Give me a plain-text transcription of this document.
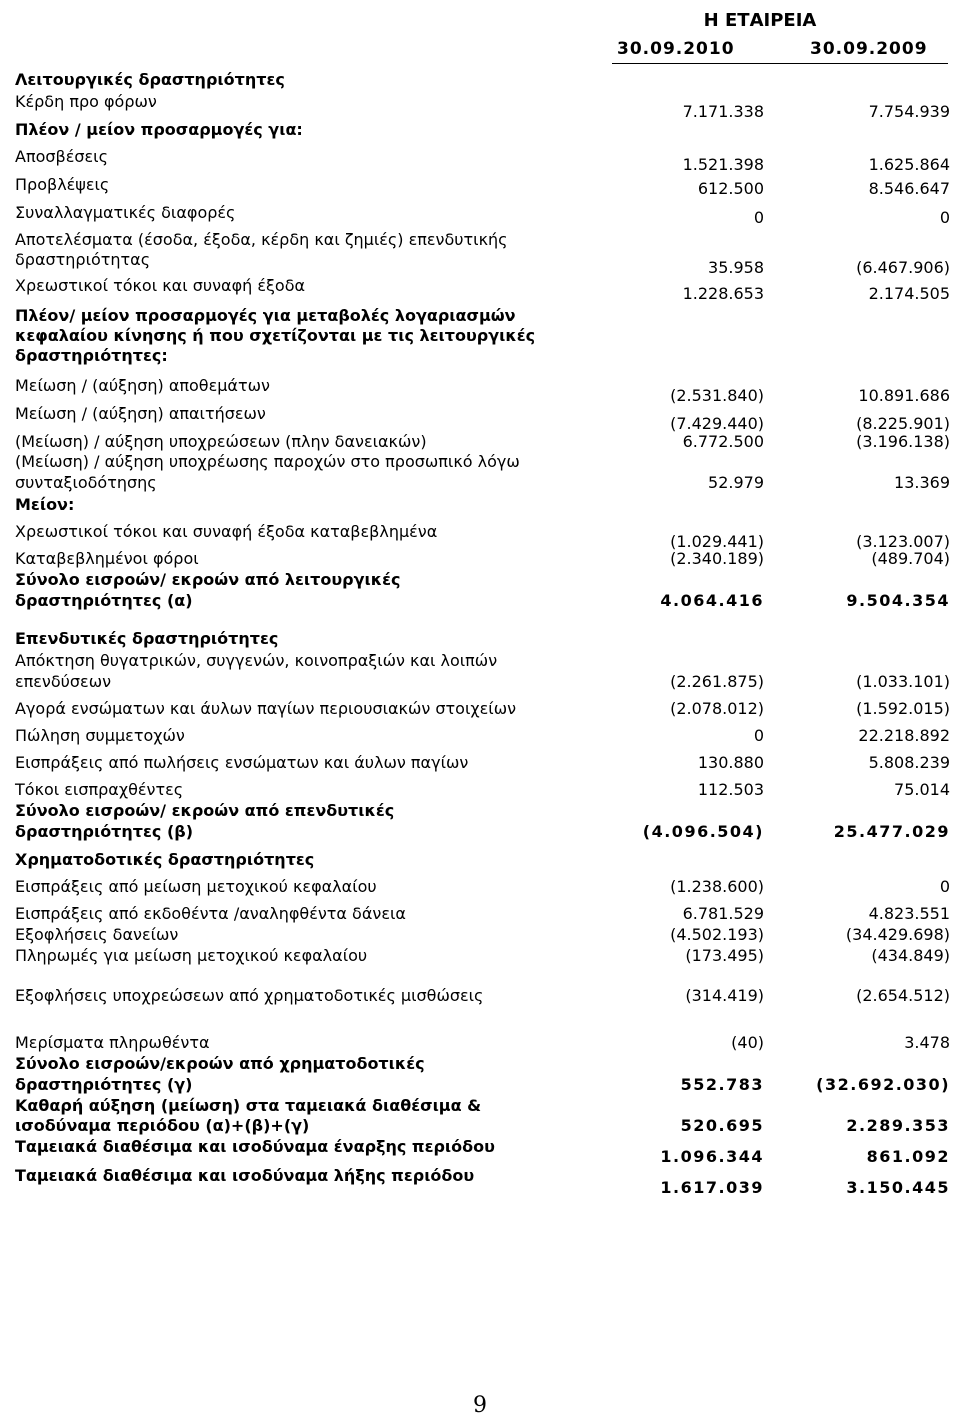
Η ΕΤΑΙΡΕΙΑ
30.09.2010	30.09.2009
Λειτουργικές δραστηριότητες
Κέρδη προ φόρων
7.171.338	7.754.939
Πλέον / μείον προσαρμογές για:
Αποσβέσεις	1.521.398	1.625.864
Προβλέψεις	612.500	8.546.647
Συναλλαγματικές διαφορές	0	0
Αποτελέσματα (έσοδα, έξοδα, κέρδη και ζημιές) επενδυτικής
δραστηριότητας	35.958	(6.467.906)
Χρεωστικοί τόκοι και συναφή έξοδα	1.228.653	2.174.505
Πλέον/ μείον προσαρμογές για μεταβολές λογαριασμών
κεφαλαίου κίνησης ή που σχετίζονται με τις λειτουργικές
δραστηριότητες:
Μείωση / (αύξηση) αποθεμάτων
(2.531.840)	10.891.686
Μείωση / (αύξηση) απαιτήσεων
(7.429.440)	(8.225.901)
(Μείωση) / αύξηση υποχρεώσεων (πλην δανειακών)	6.772.500	(3.196.138)
(Μείωση) / αύξηση υποχρέωσης παροχών στο προσωπικό λόγω
συνταξιοδότησης	52.979	13.369
Μείον:
Χρεωστικοί τόκοι και συναφή έξοδα καταβεβλημένα
(1.029.441)	(3.123.007)
Καταβεβλημένοι φόροι	(2.340.189)	(489.704)
Σύνολο εισροών/ εκροών από λειτουργικές
δραστηριότητες (α)	4.064.416	9.504.354
Επενδυτικές δραστηριότητες
Απόκτηση θυγατρικών, συγγενών, κοινοπραξιών και λοιπών
επενδύσεων	(2.261.875)	(1.033.101)
Αγορά ενσώματων και άυλων παγίων περιουσιακών στοιχείων	(2.078.012)	(1.592.015)
Πώληση συμμετοχών	0	22.218.892
Εισπράξεις από πωλήσεις ενσώματων και άυλων παγίων	130.880	5.808.239
Τόκοι εισπραχθέντες	112.503	75.014
Σύνολο εισροών/ εκροών από επενδυτικές
δραστηριότητες (β)	(4.096.504)	25.477.029
Χρηματοδοτικές δραστηριότητες
Εισπράξεις από μείωση μετοχικού κεφαλαίου	(1.238.600)	0
Εισπράξεις από εκδοθέντα /αναληφθέντα δάνεια	6.781.529	4.823.551
Εξοφλήσεις δανείων	(4.502.193)	(34.429.698)
Πληρωμές για μείωση μετοχικού κεφαλαίου	(173.495)	(434.849)
Εξοφλήσεις υποχρεώσεων από χρηματοδοτικές μισθώσεις	(314.419)	(2.654.512)
Μερίσματα πληρωθέντα	(40)	3.478
Σύνολο εισροών/εκροών από χρηματοδοτικές
δραστηριότητες (γ)	552.783	(32.692.030)
Καθαρή αύξηση (μείωση) στα ταμειακά διαθέσιμα &
ισοδύναμα περιόδου (α)+(β)+(γ)	520.695	2.289.353
Ταμειακά διαθέσιμα και ισοδύναμα έναρξης περιόδου
1.096.344	861.092
Ταμειακά διαθέσιμα και ισοδύναμα λήξης περιόδου
1.617.039	3.150.445
9
